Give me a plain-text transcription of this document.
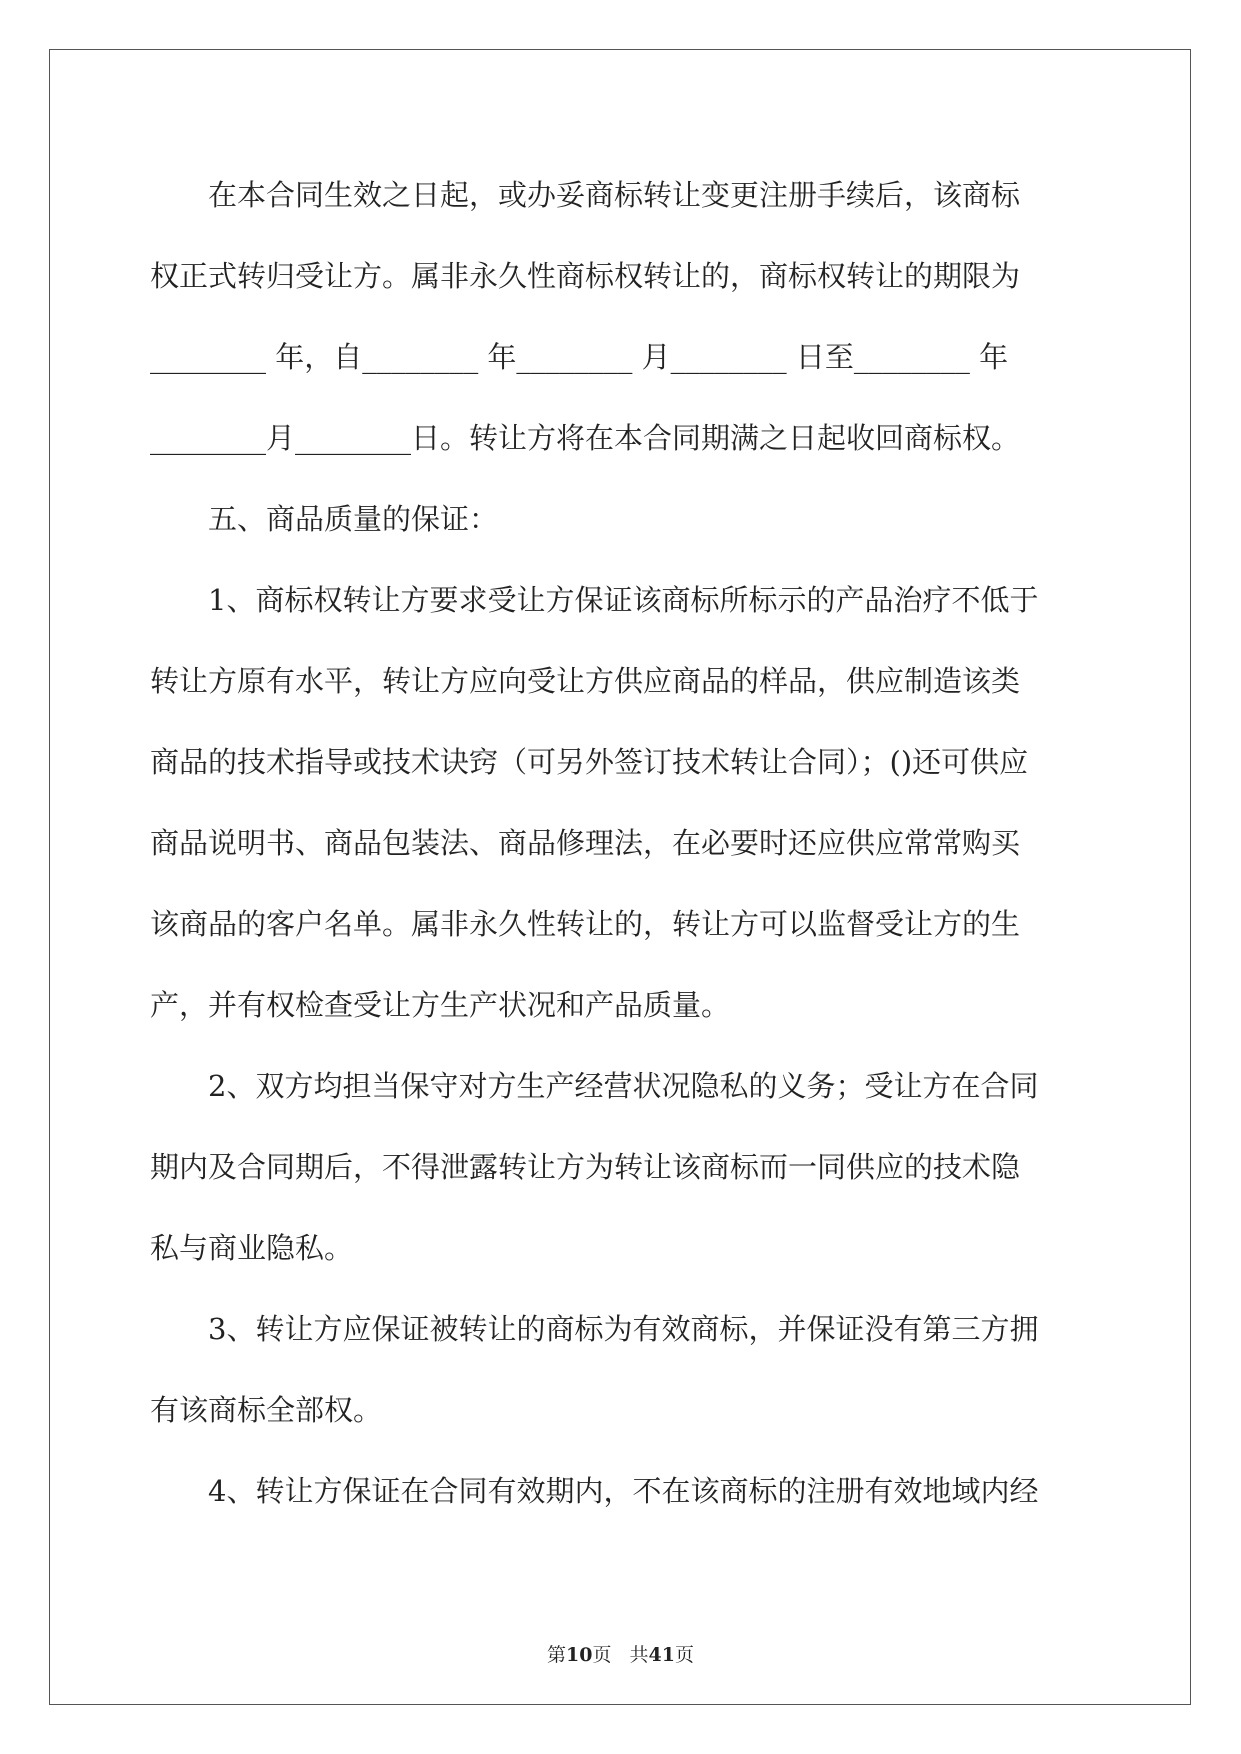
　　在本合同生效之日起，或办妥商标转让变更注册手续后，该商标
权正式转归受让方。属非永久性商标权转让的，商标权转让的期限为
________ 年，自________ 年________ 月________ 日至________ 年
________月________日。转让方将在本合同期满之日起收回商标权。
　　五、商品质量的保证：
　　1、商标权转让方要求受让方保证该商标所标示的产品治疗不低于
转让方原有水平，转让方应向受让方供应商品的样品，供应制造该类
商品的技术指导或技术诀窍（可另外签订技术转让合同）；()还可供应
商品说明书、商品包装法、商品修理法，在必要时还应供应常常购买
该商品的客户名单。属非永久性转让的，转让方可以监督受让方的生
产，并有权检查受让方生产状况和产品质量。
　　2、双方均担当保守对方生产经营状况隐私的义务；受让方在合同
期内及合同期后，不得泄露转让方为转让该商标而一同供应的技术隐
私与商业隐私。
　　3、转让方应保证被转让的商标为有效商标，并保证没有第三方拥
有该商标全部权。
　　4、转让方保证在合同有效期内，不在该商标的注册有效地域内经
第10页 共41页
